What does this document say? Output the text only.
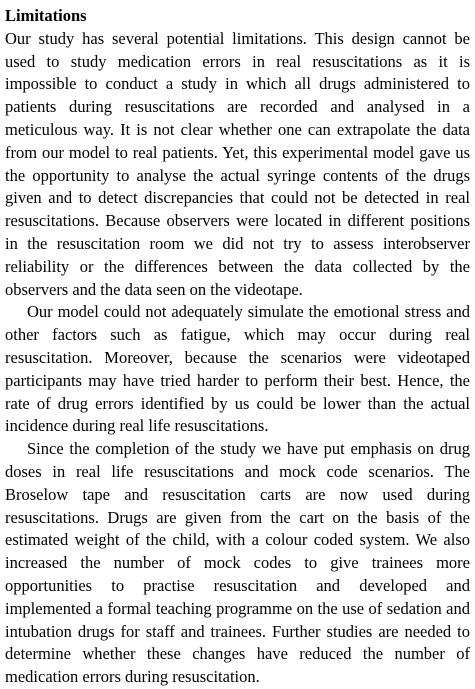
Limitations

Our study has several potential limitations. This design cannot be used to study medication errors in real resuscitations as it is impossible to conduct a study in which all drugs administered to patients during resuscitations are recorded and analysed in a meticulous way. It is not clear whether one can extrapolate the data from our model to real patients. Yet, this experimental model gave us the opportunity to analyse the actual syringe contents of the drugs given and to detect discrepancies that could not be detected in real resuscitations. Because observers were located in different positions in the resuscitation room we did not try to assess interobserver reliability or the differences between the data collected by the observers and the data seen on the videotape.

Our model could not adequately simulate the emotional stress and other factors such as fatigue, which may occur during real resuscitation. Moreover, because the scenarios were videotaped participants may have tried harder to perform their best. Hence, the rate of drug errors identified by us could be lower than the actual incidence during real life resuscitations.

Since the completion of the study we have put emphasis on drug doses in real life resuscitations and mock code scenarios. The Broselow tape and resuscitation carts are now used during resuscitations. Drugs are given from the cart on the basis of the estimated weight of the child, with a colour coded system. We also increased the number of mock codes to give trainees more opportunities to practise resuscitation and developed and implemented a formal teaching programme on the use of sedation and intubation drugs for staff and trainees. Further studies are needed to determine whether these changes have reduced the number of medication errors during resuscitation.
